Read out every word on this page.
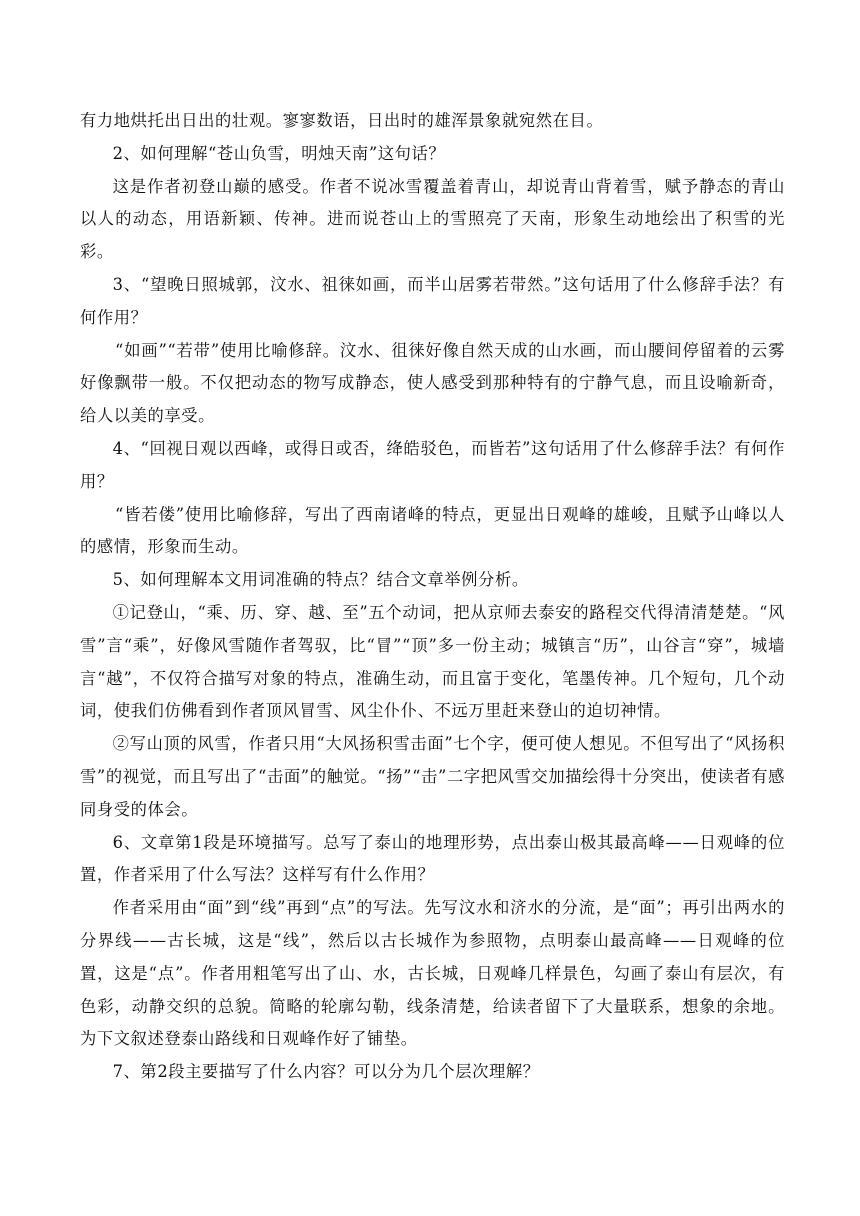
有力地烘托出日出的壮观。寥寥数语，日出时的雄浑景象就宛然在目。

2、如何理解“苍山负雪，明烛天南”这句话？

这是作者初登山巅的感受。作者不说冰雪覆盖着青山，却说青山背着雪，赋予静态的青山以人的动态，用语新颖、传神。进而说苍山上的雪照亮了天南，形象生动地绘出了积雪的光彩。

3、“望晚日照城郭，汶水、祖徕如画，而半山居雾若带然。”这句话用了什么修辞手法？有何作用？

“如画”“若带”使用比喻修辞。汶水、徂徕好像自然天成的山水画，而山腰间停留着的云雾好像飘带一般。不仅把动态的物写成静态，使人感受到那种特有的宁静气息，而且设喻新奇，给人以美的享受。

4、“回视日观以西峰，或得日或否，绛皓驳色，而皆若”这句话用了什么修辞手法？有何作用？

“皆若偻”使用比喻修辞，写出了西南诸峰的特点，更显出日观峰的雄峻，且赋予山峰以人的感情，形象而生动。

5、如何理解本文用词准确的特点？结合文章举例分析。

①记登山，“乘、历、穿、越、至”五个动词，把从京师去泰安的路程交代得清清楚楚。“风雪”言“乘”，好像风雪随作者驾驭，比“冒”“顶”多一份主动；城镇言“历”，山谷言“穿”，城墙言“越”，不仅符合描写对象的特点，准确生动，而且富于变化，笔墨传神。几个短句，几个动词，使我们仿佛看到作者顶风冒雪、风尘仆仆、不远万里赶来登山的迫切神情。

②写山顶的风雪，作者只用“大风扬积雪击面”七个字，便可使人想见。不但写出了“风扬积雪”的视觉，而且写出了“击面”的触觉。“扬”“击”二字把风雪交加描绘得十分突出，使读者有感同身受的体会。

6、文章第1段是环境描写。总写了泰山的地理形势，点出泰山极其最高峰——日观峰的位置，作者采用了什么写法？这样写有什么作用？

作者采用由“面”到“线”再到“点”的写法。先写汶水和济水的分流，是“面”；再引出两水的分界线——古长城，这是“线”，然后以古长城作为参照物，点明泰山最高峰——日观峰的位置，这是“点”。作者用粗笔写出了山、水，古长城，日观峰几样景色，勾画了泰山有层次，有色彩，动静交织的总貌。简略的轮廓勾勒，线条清楚，给读者留下了大量联系，想象的余地。为下文叙述登泰山路线和日观峰作好了铺垫。

7、第2段主要描写了什么内容？可以分为几个层次理解？
